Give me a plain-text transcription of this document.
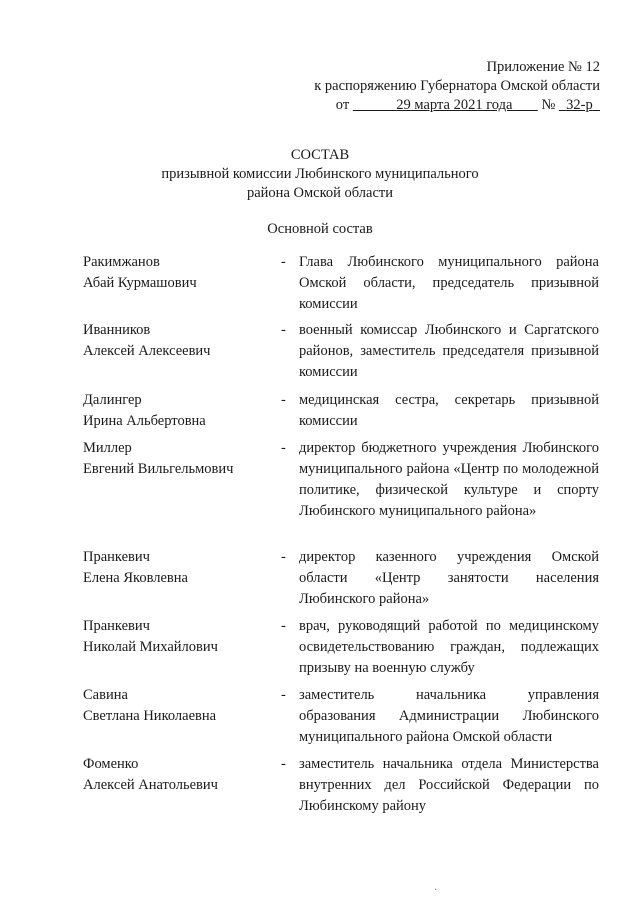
Приложение № 12
к распоряжению Губернатора Омской области
от	29 марта 2021 года № 32-р
СОСТАВ
призывной комиссии Любинского муниципального
района Омской области
Основной состав
Ракимжанов
Абай Курмашович
- Глава Любинского муниципального района Омской области, председатель призывной комиссии
Иванников
Алексей Алексеевич
- военный комиссар Любинского и Саргатского районов, заместитель председателя призывной комиссии
Далингер
Ирина Альбертовна
- медицинская сестра, секретарь призывной комиссии
Миллер
Евгений Вильгельмович
- директор бюджетного учреждения Любинского муниципального района «Центр по молодежной политике, физической культуре и спорту Любинского муниципального района»
Пранкевич
Елена Яковлевна
- директор казенного учреждения Омской области «Центр занятости населения Любинского района»
Пранкевич
Николай Михайлович
- врач, руководящий работой по медицинскому освидетельствованию граждан, подлежащих призыву на военную службу
Савина
Светлана Николаевна
- заместитель начальника управления образования Администрации Любинского муниципального района Омской области
Фоменко
Алексей Анатольевич
- заместитель начальника отдела Министерства внутренних дел Российской Федерации по Любинскому району
·
